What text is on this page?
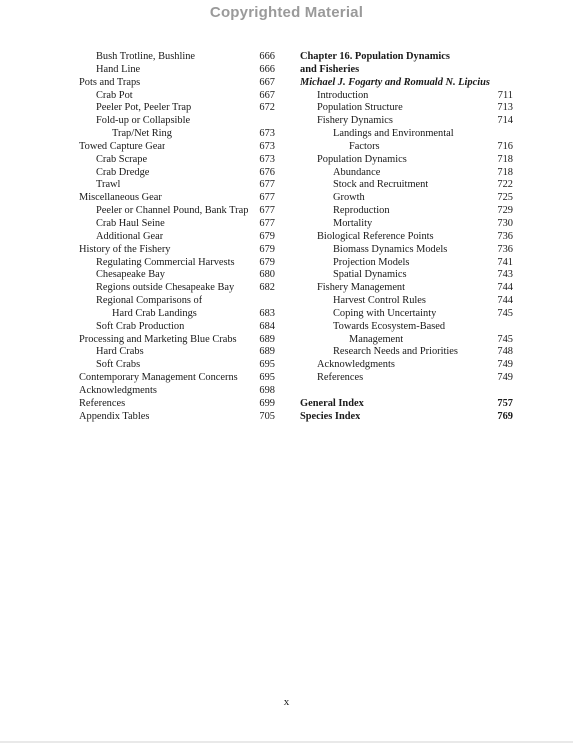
Copyrighted Material
Bush Trotline, Bushline	666
Hand Line	666
Pots and Traps	667
Crab Pot	667
Peeler Pot, Peeler Trap	672
Fold-up or Collapsible
Trap/Net Ring	673
Towed Capture Gear	673
Crab Scrape	673
Crab Dredge	676
Trawl	677
Miscellaneous Gear	677
Peeler or Channel Pound, Bank Trap 677
Crab Haul Seine	677
Additional Gear	679
History of the Fishery	679
Regulating Commercial Harvests 679
Chesapeake Bay	680
Regions outside Chesapeake Bay 682
Regional Comparisons of
Hard Crab Landings	683
Soft Crab Production	684
Processing and Marketing Blue Crabs 689
Hard Crabs	689
Soft Crabs	695
Contemporary Management Concerns 695
Acknowledgments	698
References	699
Appendix Tables	705
Chapter 16. Population Dynamics
and Fisheries
Michael J. Fogarty and Romuald N. Lipcius
Introduction	711
Population Structure	713
Fishery Dynamics	714
Landings and Environmental
Factors	716
Population Dynamics	718
Abundance	718
Stock and Recruitment	722
Growth	725
Reproduction	729
Mortality	730
Biological Reference Points	736
Biomass Dynamics Models	736
Projection Models	741
Spatial Dynamics	743
Fishery Management	744
Harvest Control Rules	744
Coping with Uncertainty	745
Towards Ecosystem-Based
Management	745
Research Needs and Priorities	748
Acknowledgments	749
References	749
General Index	757
Species Index	769
x
